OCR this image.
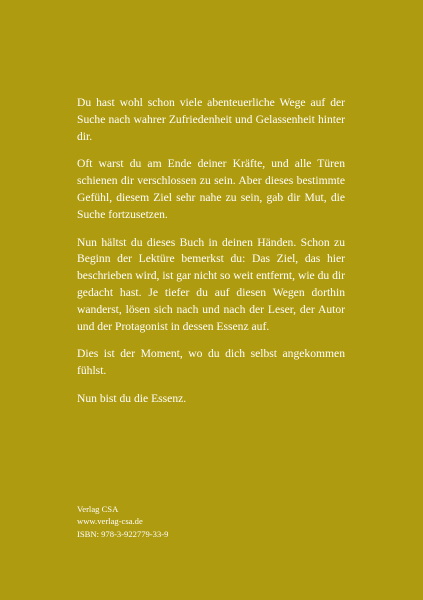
Du hast wohl schon viele abenteuerliche Wege auf der Suche nach wahrer Zufriedenheit und Gelassenheit hinter dir.

Oft warst du am Ende deiner Kräfte, und alle Türen schienen dir verschlossen zu sein. Aber dieses bestimmte Gefühl, diesem Ziel sehr nahe zu sein, gab dir Mut, die Suche fortzusetzen.

Nun hältst du dieses Buch in deinen Händen. Schon zu Beginn der Lektüre bemerkst du: Das Ziel, das hier beschrieben wird, ist gar nicht so weit entfernt, wie du dir gedacht hast. Je tiefer du auf diesen Wegen dorthin wanderst, lösen sich nach und nach der Leser, der Autor und der Protagonist in dessen Essenz auf.

Dies ist der Moment, wo du dich selbst angekommen fühlst.

Nun bist du die Essenz.

Verlag CSA
www.verlag-csa.de
ISBN: 978-3-922779-33-9
